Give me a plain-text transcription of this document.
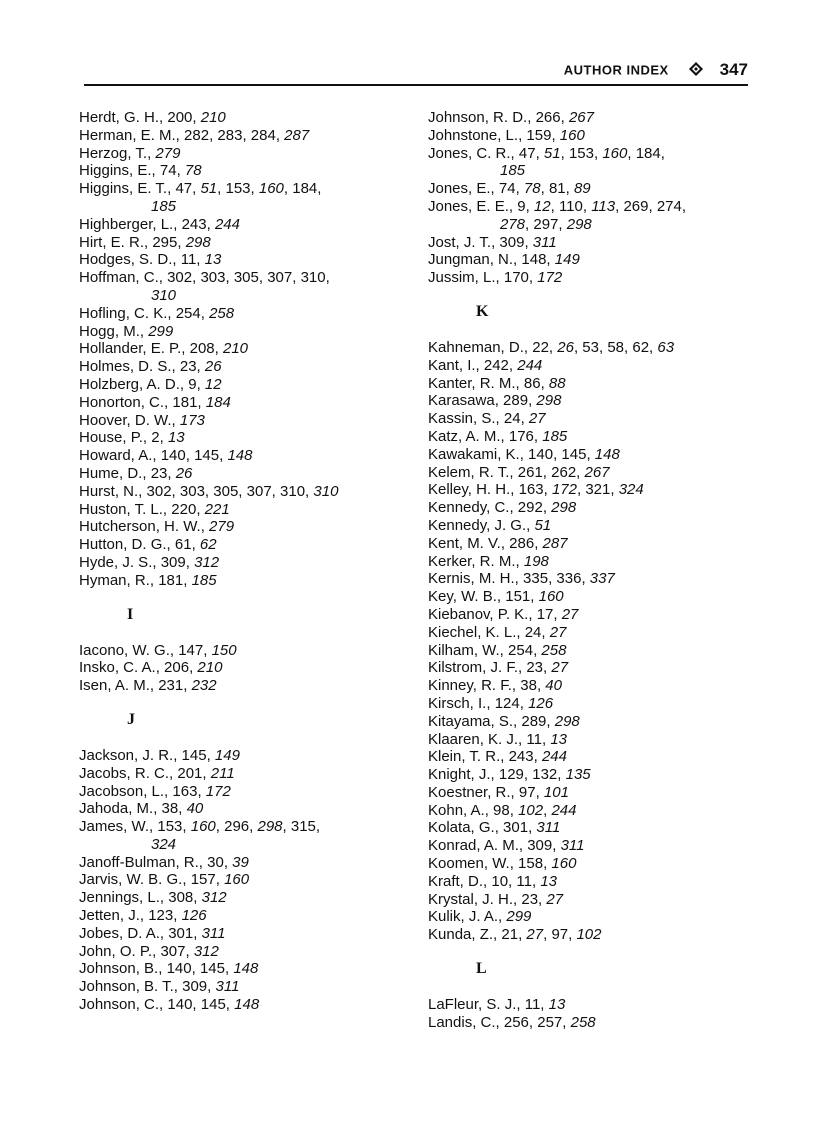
AUTHOR INDEX	347
Herdt, G. H., 200, 210
Herman, E. M., 282, 283, 284, 287
Herzog, T., 279
Higgins, E., 74, 78
Higgins, E. T., 47, 51, 153, 160, 184,
185
Highberger, L., 243, 244
Hirt, E. R., 295, 298
Hodges, S. D., 11, 13
Hoffman, C., 302, 303, 305, 307, 310,
310
Hofling, C. K., 254, 258
Hogg, M., 299
Hollander, E. P., 208, 210
Holmes, D. S., 23, 26
Holzberg, A. D., 9, 12
Honorton, C., 181, 184
Hoover, D. W., 173
House, P., 2, 13
Howard, A., 140, 145, 148
Hume, D., 23, 26
Hurst, N., 302, 303, 305, 307, 310, 310
Huston, T. L., 220, 221
Hutcherson, H. W., 279
Hutton, D. G., 61, 62
Hyde, J. S., 309, 312
Hyman, R., 181, 185
I
Iacono, W. G., 147, 150
Insko, C. A., 206, 210
Isen, A. M., 231, 232
J
Jackson, J. R., 145, 149
Jacobs, R. C., 201, 211
Jacobson, L., 163, 172
Jahoda, M., 38, 40
James, W., 153, 160, 296, 298, 315,
324
Janoff-Bulman, R., 30, 39
Jarvis, W. B. G., 157, 160
Jennings, L., 308, 312
Jetten, J., 123, 126
Jobes, D. A., 301, 311
John, O. P., 307, 312
Johnson, B., 140, 145, 148
Johnson, B. T., 309, 311
Johnson, C., 140, 145, 148
Johnson, R. D., 266, 267
Johnstone, L., 159, 160
Jones, C. R., 47, 51, 153, 160, 184,
185
Jones, E., 74, 78, 81, 89
Jones, E. E., 9, 12, 110, 113, 269, 274,
278, 297, 298
Jost, J. T., 309, 311
Jungman, N., 148, 149
Jussim, L., 170, 172
K
Kahneman, D., 22, 26, 53, 58, 62, 63
Kant, I., 242, 244
Kanter, R. M., 86, 88
Karasawa, 289, 298
Kassin, S., 24, 27
Katz, A. M., 176, 185
Kawakami, K., 140, 145, 148
Kelem, R. T., 261, 262, 267
Kelley, H. H., 163, 172, 321, 324
Kennedy, C., 292, 298
Kennedy, J. G., 51
Kent, M. V., 286, 287
Kerker, R. M., 198
Kernis, M. H., 335, 336, 337
Key, W. B., 151, 160
Kiebanov, P. K., 17, 27
Kiechel, K. L., 24, 27
Kilham, W., 254, 258
Kilstrom, J. F., 23, 27
Kinney, R. F., 38, 40
Kirsch, I., 124, 126
Kitayama, S., 289, 298
Klaaren, K. J., 11, 13
Klein, T. R., 243, 244
Knight, J., 129, 132, 135
Koestner, R., 97, 101
Kohn, A., 98, 102, 244
Kolata, G., 301, 311
Konrad, A. M., 309, 311
Koomen, W., 158, 160
Kraft, D., 10, 11, 13
Krystal, J. H., 23, 27
Kulik, J. A., 299
Kunda, Z., 21, 27, 97, 102
L
LaFleur, S. J., 11, 13
Landis, C., 256, 257, 258
